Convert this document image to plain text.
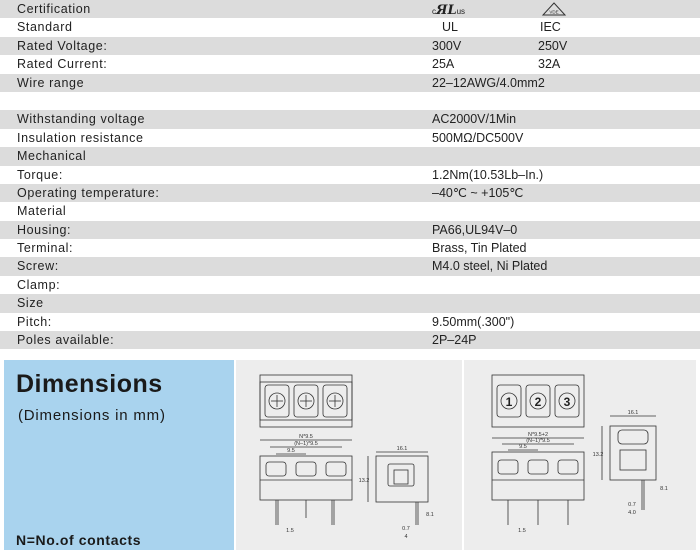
Certification	cЯLus	VDE
Standard	UL	IEC
Rated Voltage:	300V	250V
Rated Current:	25A	32A
Wire range	22–12AWG/4.0mm2
Withstanding voltage	AC2000V/1Min
Insulation resistance	500MΩ/DC500V
Mechanical
Torque:	1.2Nm(10.53Lb–In.)
Operating temperature:	–40℃ ~ +105℃
Material
Housing:	PA66,UL94V–0
Terminal:	Brass, Tin Plated
Screw:	M4.0 steel, Ni Plated
Clamp:
Size
Pitch:	9.50mm(.300")
Poles available:	2P–24P
Dimensions
(Dimensions in mm)
N=No.of contacts
N*9.5
(N–1)*9.5
9.5
1.5
16.1
13.2
8.1
0.7
4
1 2 3
N*9.5+2
(N–1)*9.5
9.5
1.5
16.1
13.2
8.1
0.7
4.0
